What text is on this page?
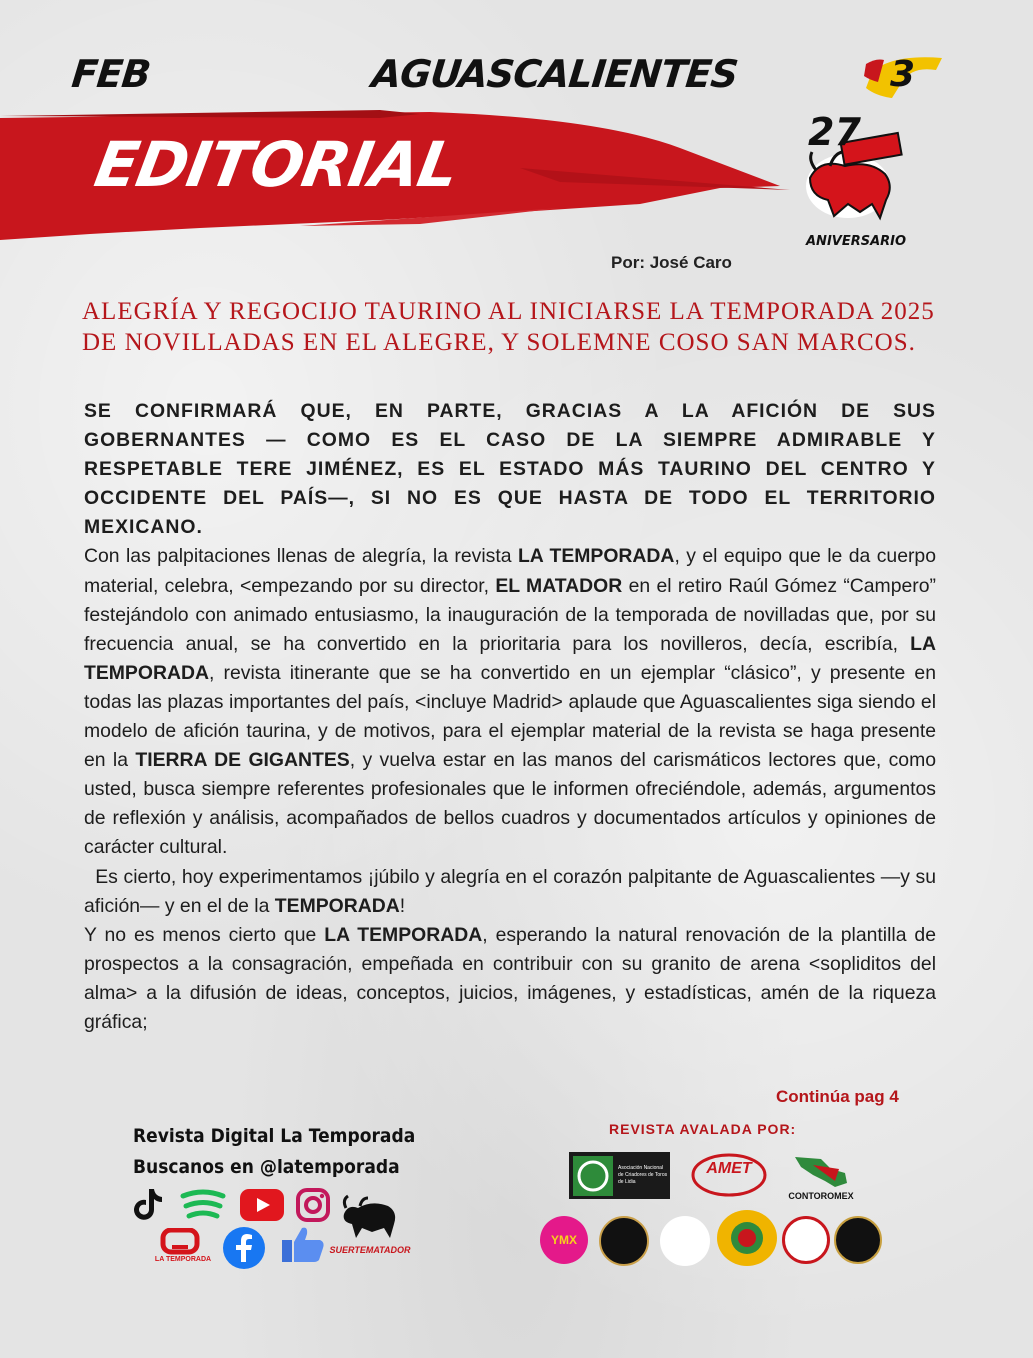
FEB	AGUASCALIENTES	3
EDITORIAL	27
ANIVERSARIO
Por: José Caro
ALEGRÍA Y REGOCIJO TAURINO AL INICIARSE LA TEMPORADA 2025 DE NOVILLADAS EN EL ALEGRE, Y SOLEMNE COSO SAN MARCOS.

SE CONFIRMARÁ QUE, EN PARTE, GRACIAS A LA AFICIÓN DE SUS GOBERNANTES — COMO ES EL CASO DE LA SIEMPRE ADMIRABLE Y RESPETABLE TERE JIMÉNEZ, ES EL ESTADO MÁS TAURINO DEL CENTRO Y OCCIDENTE DEL PAÍS—, SI NO ES QUE HASTA DE TODO EL TERRITORIO MEXICANO.

Con las palpitaciones llenas de alegría, la revista LA TEMPORADA, y el equipo que le da cuerpo material, celebra, <empezando por su director, EL MATADOR en el retiro Raúl Gómez “Campero” festejándolo con animado entusiasmo, la inauguración de la temporada de novilladas que, por su frecuencia anual, se ha convertido en la prioritaria para los novilleros, decía, escribía, LA TEMPORADA, revista itinerante que se ha convertido en un ejemplar “clásico”, y presente en todas las plazas importantes del país, <incluye Madrid> aplaude que Aguascalientes siga siendo el modelo de afición taurina, y de motivos, para el ejemplar material de la revista se haga presente en la TIERRA DE GIGANTES, y vuelva estar en las manos del carismáticos lectores que, como usted, busca siempre referentes profesionales que le informen ofreciéndole, además, argumentos de reflexión y análisis, acompañados de bellos cuadros y documentados artículos y opiniones de carácter cultural.

Es cierto, hoy experimentamos ¡júbilo y alegría en el corazón palpitante de Aguascalientes —y su afición— y en el de la TEMPORADA!

Y no es menos cierto que LA TEMPORADA, esperando la natural renovación de la plantilla de   prospectos a la consagración, empeñada en contribuir con su granito de arena <sopliditos del alma> a la difusión de ideas, conceptos, juicios, imágenes, y estadísticas, amén de la riqueza gráfica;

Continúa pag 4
Revista Digital La Temporada
Buscanos en @latemporada
SUERTEMATADOR
LA TEMPORADA
REVISTA AVALADA POR:
Asociación Nacional de Criadores de Toros de Lidia
AMET
CONTOROMEX
YMX
